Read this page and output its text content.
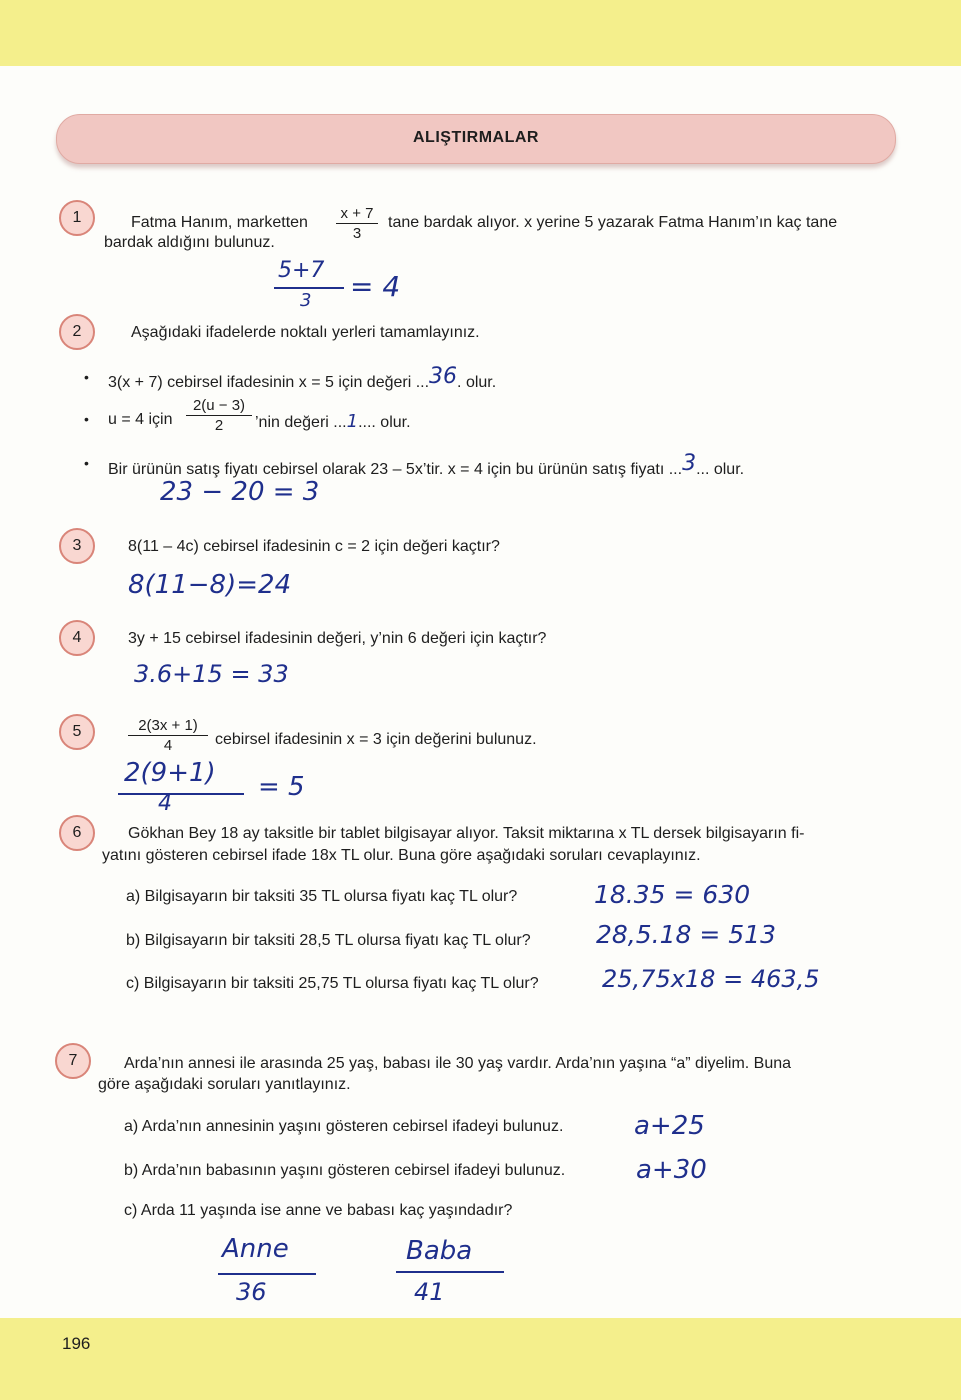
196
ALIŞTIRMALAR
1	Fatma Hanım, marketten
x + 7
3
tane bardak alıyor. x yerine 5 yazarak Fatma Hanım’ın kaç tane
bardak aldığını bulunuz.
5+7
3 = 4
2	Aşağıdaki ifadelerde noktalı yerleri tamamlayınız.
• 3(x + 7) cebirsel ifadesinin x = 5 için değeri ...36. olur.
• u = 4 için
2(u − 3)
2	’nin değeri ...1.... olur.
• Bir ürünün satış fiyatı cebirsel olarak 23 – 5x’tir. x = 4 için bu ürünün satış fiyatı ...3... olur.
23 − 20 = 3
3	8(11 – 4c) cebirsel ifadesinin c = 2 için değeri kaçtır?
8(11−8)=24
4	3y + 15 cebirsel ifadesinin değeri, y’nin 6 değeri için kaçtır?
3.6+15 = 33
5	2(3x + 1)
4	cebirsel ifadesinin x = 3 için değerini bulunuz.
2(9+1)
4
= 5
6	Gökhan Bey 18 ay taksitle bir tablet bilgisayar alıyor. Taksit miktarına x TL dersek bilgisayarın fi-
yatını gösteren cebirsel ifade 18x TL olur. Buna göre aşağıdaki soruları cevaplayınız.
a) Bilgisayarın bir taksiti 35 TL olursa fiyatı kaç TL olur?	18.35 = 630
b) Bilgisayarın bir taksiti 28,5 TL olursa fiyatı kaç TL olur?	28,5.18 = 513
c) Bilgisayarın bir taksiti 25,75 TL olursa fiyatı kaç TL olur?	25,75x18 = 463,5
7	Arda’nın annesi ile arasında 25 yaş, babası ile 30 yaş vardır. Arda’nın yaşına “a” diyelim. Buna
göre aşağıdaki soruları yanıtlayınız.
a) Arda’nın annesinin yaşını gösteren cebirsel ifadeyi bulunuz.	a+25
b) Arda’nın babasının yaşını gösteren cebirsel ifadeyi bulunuz.	a+30
c) Arda 11 yaşında ise anne ve babası kaç yaşındadır?
Anne
36
Baba
41
